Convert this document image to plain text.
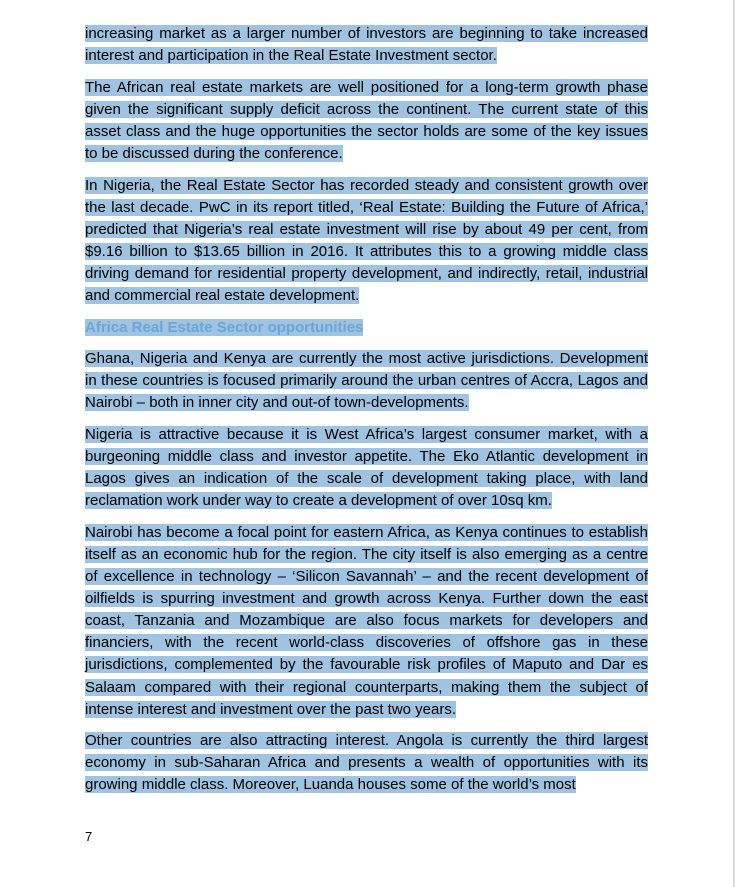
increasing market as a larger number of investors are beginning to take increased interest and participation in the Real Estate Investment sector.

The African real estate markets are well positioned for a long-term growth phase given the significant supply deficit across the continent. The current state of this asset class and the huge opportunities the sector holds are some of the key issues to be discussed during the conference.

In Nigeria, the Real Estate Sector has recorded steady and consistent growth over the last decade. PwC in its report titled, ‘Real Estate: Building the Future of Africa,’ predicted that Nigeria’s real estate investment will rise by about 49 per cent, from $9.16 billion to $13.65 billion in 2016. It attributes this to a growing middle class driving demand for residential property development, and indirectly, retail, industrial and commercial real estate development.

Africa Real Estate Sector opportunities

Ghana, Nigeria and Kenya are currently the most active jurisdictions. Development in these countries is focused primarily around the urban centres of Accra, Lagos and Nairobi – both in inner city and out-of town-developments.

Nigeria is attractive because it is West Africa’s largest consumer market, with a burgeoning middle class and investor appetite. The Eko Atlantic development in Lagos gives an indication of the scale of development taking place, with land reclamation work under way to create a development of over 10sq km.

Nairobi has become a focal point for eastern Africa, as Kenya continues to establish itself as an economic hub for the region. The city itself is also emerging as a centre of excellence in technology – ‘Silicon Savannah’ – and the recent development of oilfields is spurring investment and growth across Kenya. Further down the east coast, Tanzania and Mozambique are also focus markets for developers and financiers, with the recent world-class discoveries of offshore gas in these jurisdictions, complemented by the favourable risk profiles of Maputo and Dar es Salaam compared with their regional counterparts, making them the subject of intense interest and investment over the past two years.

Other countries are also attracting interest. Angola is currently the third largest economy in sub-Saharan Africa and presents a wealth of opportunities with its growing middle class. Moreover, Luanda houses some of the world’s most

7
